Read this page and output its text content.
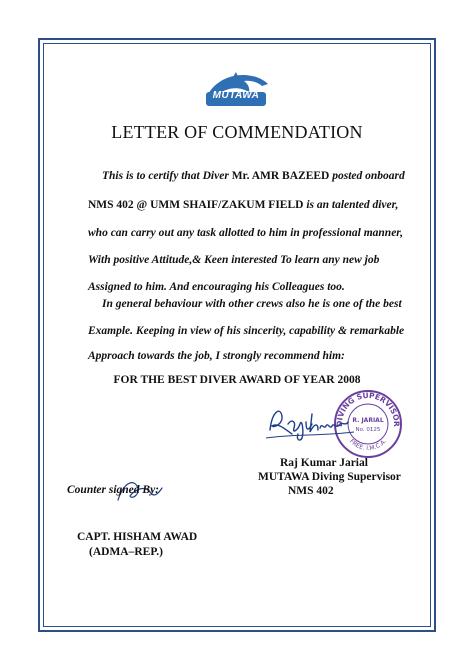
MUTAWA
LETTER OF COMMENDATION
This is to certify that Diver Mr. AMR BAZEED posted onboard
NMS 402 @ UMM SHAIF/ZAKUM FIELD is an talented diver,
who can carry out any task allotted to him in professional manner,
With positive Attitude,& Keen interested To learn any new job
Assigned to him. And encouraging his Colleagues too.
In general behaviour with other crews also he is one of the best
Example. Keeping in view of his sincerity, capability & remarkable
Approach towards the job, I strongly recommend him:
FOR THE BEST DIVER AWARD OF YEAR 2008
DIVING SUPERVISOR
FREE. I.M.C.A.
R. JARIAL
No. 0125
Raj Kumar Jarial
MUTAWA Diving Supervisor
NMS 402
Counter signed By:
CAPT. HISHAM AWAD
(ADMA–REP.)
